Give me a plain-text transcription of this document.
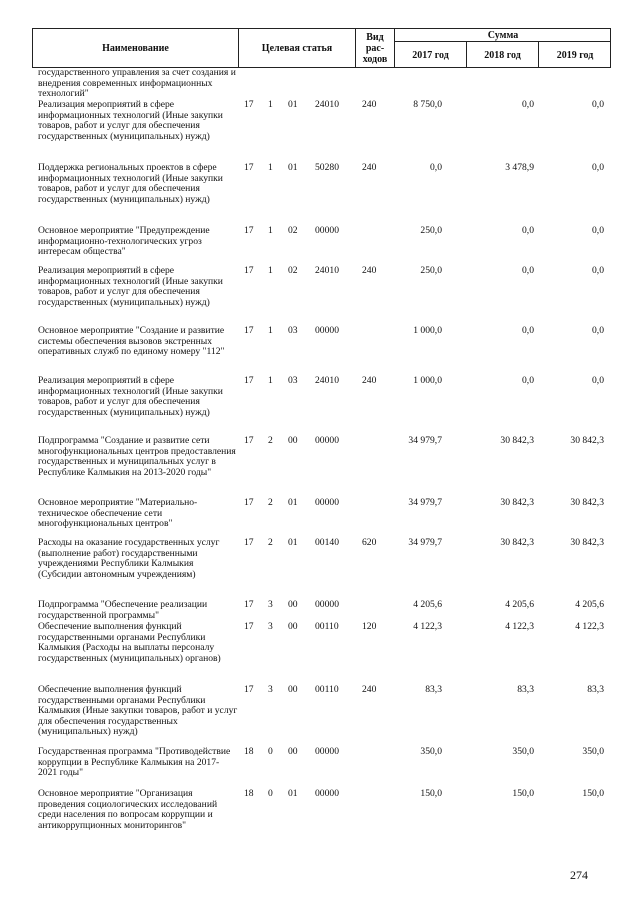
Наименование	Целевая статья
Вид рас-ходов
Сумма
2017 год	2018 год	2019 год
государственного управления за счет создания и внедрения современных информационных технологий"
Реализация мероприятий в сфере информационных технологий (Иные закупки товаров, работ и услуг для обеспечения государственных (муниципальных) нужд)
17 1 01 24010 240	8 750,0	0,0	0,0
Поддержка региональных проектов в сфере информационных технологий (Иные закупки товаров, работ и услуг для обеспечения государственных (муниципальных) нужд)
17 1 01 50280 240	0,0	3 478,9	0,0
Основное мероприятие "Предупреждение информационно-технологических угроз интересам общества"
17 1 02 00000	250,0	0,0	0,0
Реализация мероприятий в сфере информационных технологий (Иные закупки товаров, работ и услуг для обеспечения государственных (муниципальных) нужд)
17 1 02 24010 240	250,0	0,0	0,0
Основное мероприятие "Создание и развитие системы обеспечения вызовов экстренных оперативных служб по единому номеру "112"
17 1 03 00000	1 000,0	0,0	0,0
Реализация мероприятий в сфере информационных технологий (Иные закупки товаров, работ и услуг для обеспечения государственных (муниципальных) нужд)
17 1 03 24010 240	1 000,0	0,0	0,0
Подпрограмма "Создание и развитие сети многофункциональных центров предоставления государственных и муниципальных услуг в Республике Калмыкия на 2013-2020 годы"
17 2 00 00000	34 979,7	30 842,3	30 842,3
Основное мероприятие "Материально-техническое обеспечение сети многофункциональных центров"
17 2 01 00000	34 979,7	30 842,3	30 842,3
Расходы на оказание государственных услуг (выполнение работ) государственными учреждениями Республики Калмыкия (Субсидии автономным учреждениям)
17 2 01 00140 620	34 979,7	30 842,3	30 842,3
Подпрограмма "Обеспечение реализации государственной программы"
17 3 00 00000	4 205,6	4 205,6	4 205,6
Обеспечение выполнения функций государственными органами Республики Калмыкия (Расходы на выплаты персоналу государственных (муниципальных) органов)
17 3 00 00110 120	4 122,3	4 122,3	4 122,3
Обеспечение выполнения функций государственными органами Республики Калмыкия (Иные закупки товаров, работ и услуг для обеспечения государственных (муниципальных) нужд)
17 3 00 00110 240	83,3	83,3	83,3
Государственная программа "Противодействие коррупции в Республике Калмыкия на 2017-2021 годы"
18 0 00 00000	350,0	350,0	350,0
Основное мероприятие "Организация проведения социологических исследований среди населения по вопросам коррупции и антикоррупционных мониторингов"
18 0 01 00000	150,0	150,0	150,0
274
